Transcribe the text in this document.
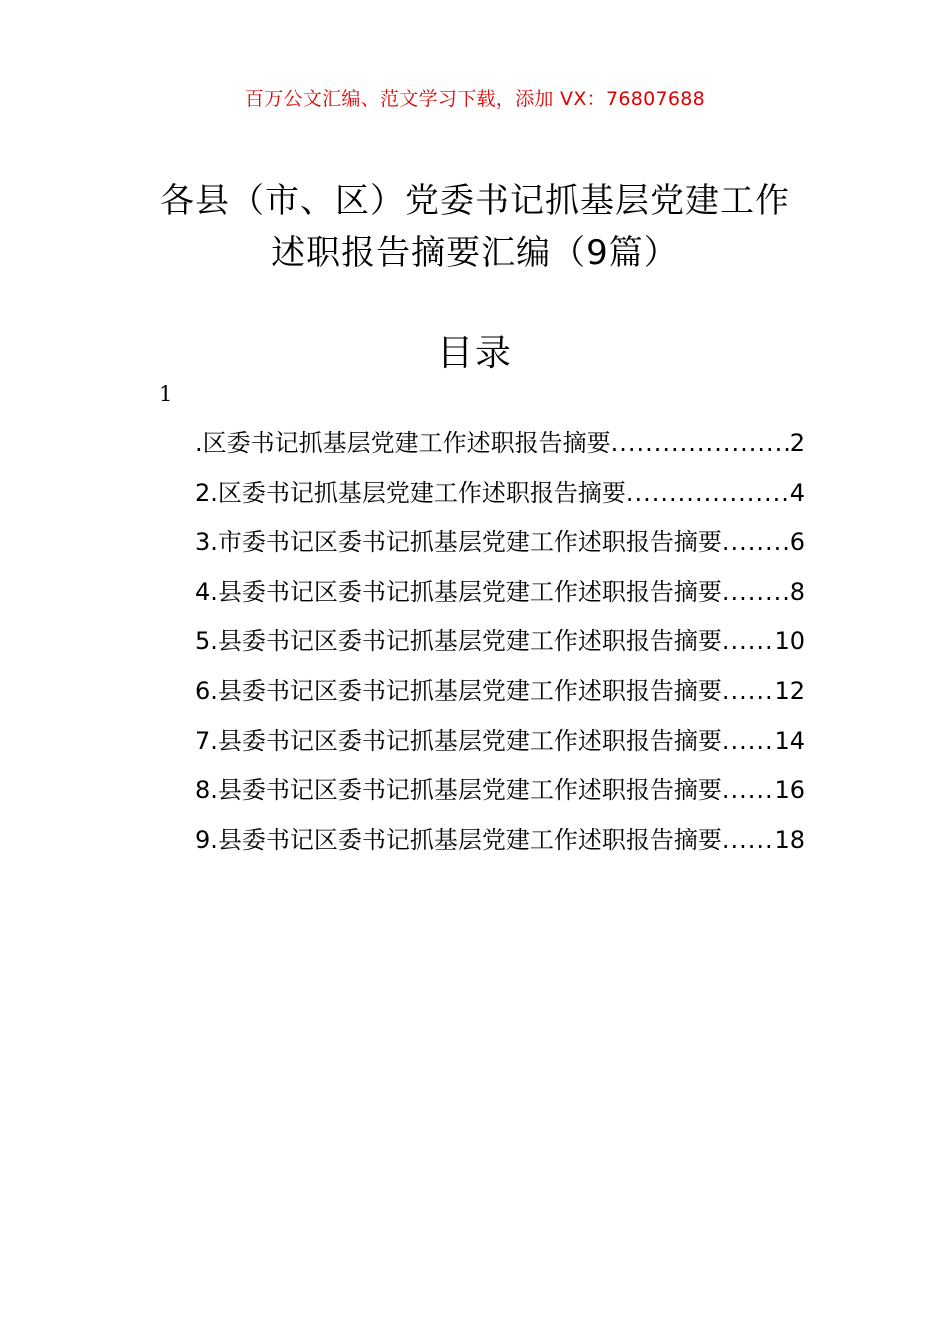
百万公文汇编、范文学习下载，添加 VX：76807688
各县（市、区）党委书记抓基层党建工作
述职报告摘要汇编（9篇）
目录
1
.区委书记抓基层党建工作述职报告摘要 .....	2
2.区委书记抓基层党建工作述职报告摘要 .....	4
3.市委书记区委书记抓基层党建工作述职报告摘要 .....	6
4.县委书记区委书记抓基层党建工作述职报告摘要 .....	8
5.县委书记区委书记抓基层党建工作述职报告摘要 ..... 10
6.县委书记区委书记抓基层党建工作述职报告摘要 ..... 12
7.县委书记区委书记抓基层党建工作述职报告摘要 ..... 14
8.县委书记区委书记抓基层党建工作述职报告摘要 ..... 16
9.县委书记区委书记抓基层党建工作述职报告摘要 ..... 18
